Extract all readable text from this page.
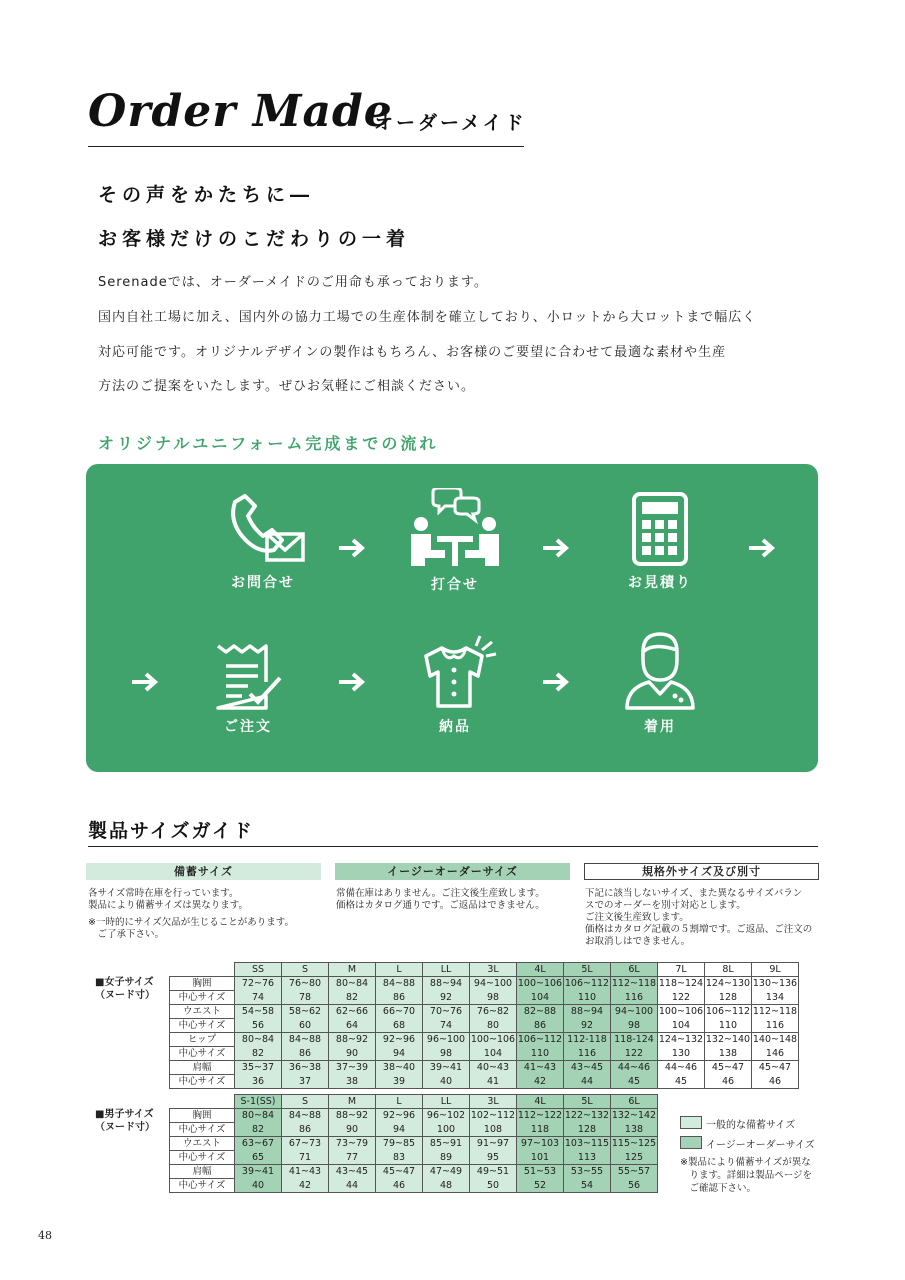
Order Made
オーダーメイド
その声をかたちに―
お客様だけのこだわりの一着
Serenadeでは、オーダーメイドのご用命も承っております。
国内自社工場に加え、国内外の協力工場での生産体制を確立しており、小ロットから大ロットまで幅広く
対応可能です。オリジナルデザインの製作はもちろん、お客様のご要望に合わせて最適な素材や生産
方法のご提案をいたします。ぜひお気軽にご相談ください。
オリジナルユニフォーム完成までの流れ
お問合せ	打合せ	お見積り
ご注文	納品	着用
製品サイズガイド
備蓄サイズ	イージーオーダーサイズ	規格外サイズ及び別寸
各サイズ常時在庫を行っています。
製品により備蓄サイズは異なります。
※一時的にサイズ欠品が生じることがあります。
　ご了承下さい。
常備在庫はありません。ご注文後生産致します。
価格はカタログ通りです。ご返品はできません。
下記に該当しないサイズ、また異なるサイズバラン
スでのオーダーを別寸対応とします。
ご注文後生産致します。
価格はカタログ記載の５割増です。ご返品、ご注文の
お取消しはできません。
■女子サイズ
（ヌード寸）
	SS	S	M	L	LL	3L	4L	5L	6L	7L	8L	9L
胸囲	72~76	76~80	80~84	84~88	88~94	94~100	100~106	106~112	112~118	118~124	124~130	130~136
中心サイズ	74	78	82	86	92	98	104	110	116	122	128	134
ウエスト	54~58	58~62	62~66	66~70	70~76	76~82	82~88	88~94	94~100	100~106	106~112	112~118
中心サイズ	56	60	64	68	74	80	86	92	98	104	110	116
ヒップ	80~84	84~88	88~92	92~96	96~100	100~106	106~112	112-118	118-124	124~132	132~140	140~148
中心サイズ	82	86	90	94	98	104	110	116	122	130	138	146
肩幅	35~37	36~38	37~39	38~40	39~41	40~43	41~43	43~45	44~46	44~46	45~47	45~47
中心サイズ	36	37	38	39	40	41	42	44	45	45	46	46
■男子サイズ
（ヌード寸）
	S-1(SS)	S	M	L	LL	3L	4L	5L	6L
胸囲	80~84	84~88	88~92	92~96	96~102	102~112	112~122	122~132	132~142
中心サイズ	82	86	90	94	100	108	118	128	138
ウエスト	63~67	67~73	73~79	79~85	85~91	91~97	97~103	103~115	115~125
中心サイズ	65	71	77	83	89	95	101	113	125
肩幅	39~41	41~43	43~45	45~47	47~49	49~51	51~53	53~55	55~57
中心サイズ	40	42	44	46	48	50	52	54	56
一般的な備蓄サイズ
イージーオーダーサイズ
※製品により備蓄サイズが異な
　ります。詳細は製品ページを
　ご確認下さい。
48
